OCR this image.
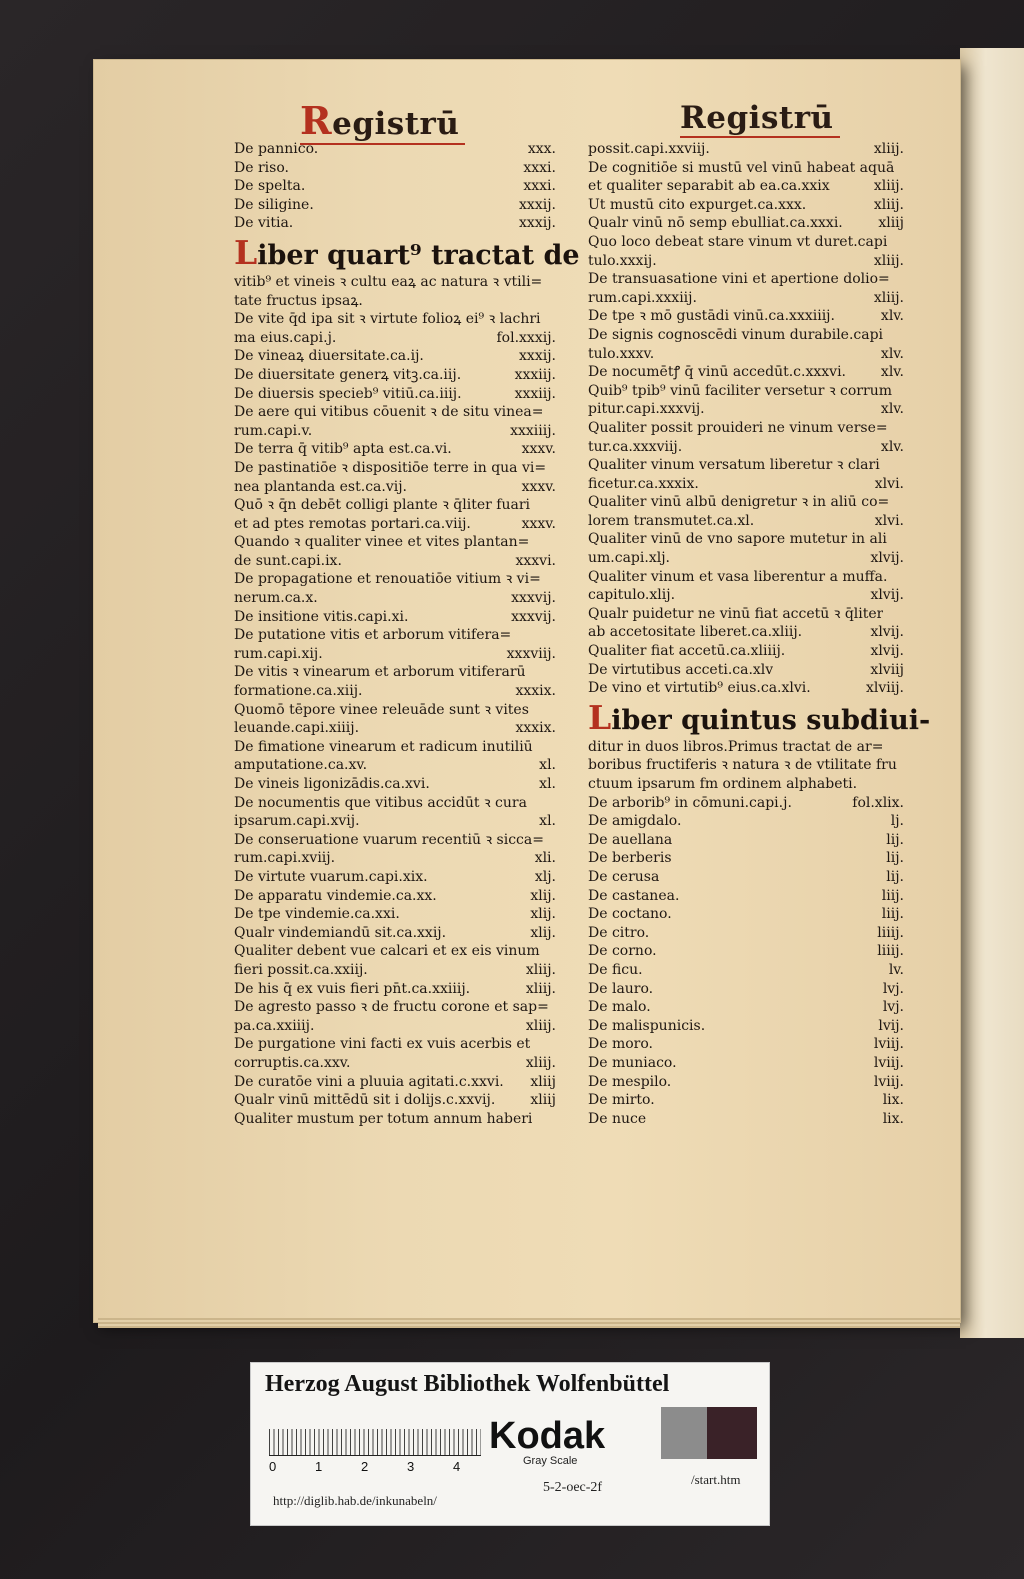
Registrū	Registrū
De pannico.	xxx.
De riso.	xxxi.
De spelta.	xxxi.
De siligine.	xxxij.
De vitia.	xxxij.
Liber quart⁹ tractat de
vitib⁹ et vineis ꝛ cultu eaꝝ ac natura ꝛ vtili=
tate fructus ipsaꝝ.
De vite q̄d ipa sit ꝛ virtute folioꝝ ei⁹ ꝛ lachri
ma eius.capi.j.	fol.xxxij.
De vineaꝝ diuersitate.ca.ij.	xxxij.
De diuersitate generꝝ vitꝫ.ca.iij.	xxxiij.
De diuersis specieb⁹ vitiū.ca.iiij.	xxxiij.
De aere qui vitibus cōuenit ꝛ de situ vinea=
rum.capi.v.	xxxiiij.
De terra q̄ vitib⁹ apta est.ca.vi.	xxxv.
De pastinatiōe ꝛ dispositiōe terre in qua vi=
nea plantanda est.ca.vij.	xxxv.
Quō ꝛ q̄n debēt colligi plante ꝛ q̄liter fuari
et ad ptes remotas portari.ca.viij.	xxxv.
Quando ꝛ qualiter vinee et vites plantan=
de sunt.capi.ix.	xxxvi.
De propagatione et renouatiōe vitium ꝛ vi=
nerum.ca.x.	xxxvij.
De insitione vitis.capi.xi.	xxxvij.
De putatione vitis et arborum vitifera=
rum.capi.xij.	xxxviij.
De vitis ꝛ vinearum et arborum vitiferarū
formatione.ca.xiij.	xxxix.
Quomō tēpore vinee releuāde sunt ꝛ vites
leuande.capi.xiiij.	xxxix.
De fimatione vinearum et radicum inutiliū
amputatione.ca.xv.	xl.
De vineis ligonizādis.ca.xvi.	xl.
De nocumentis que vitibus accidūt ꝛ cura
ipsarum.capi.xvij.	xl.
De conseruatione vuarum recentiū ꝛ sicca=
rum.capi.xviij.	xli.
De virtute vuarum.capi.xix.	xlj.
De apparatu vindemie.ca.xx.	xlij.
De tpe vindemie.ca.xxi.	xlij.
Qualr vindemiandū sit.ca.xxij.	xlij.
Qualiter debent vue calcari et ex eis vinum
fieri possit.ca.xxiij.	xliij.
De his q̄ ex vuis fieri pn̄t.ca.xxiiij.	xliij.
De agresto passo ꝛ de fructu corone et sap=
pa.ca.xxiiij.	xliij.
De purgatione vini facti ex vuis acerbis et
corruptis.ca.xxv.	xliij.
De curatōe vini a pluuia agitati.c.xxvi.	xliij
Qualr vinū mittēdū sit i dolijs.c.xxvij.	xliij
Qualiter mustum per totum annum haberi
possit.capi.xxviij.	xliij.
De cognitiōe si mustū vel vinū habeat aquā
et qualiter separabit ab ea.ca.xxix	xliij.
Ut mustū cito expurget.ca.xxx.	xliij.
Qualr vinū nō semp ebulliat.ca.xxxi.	xliij
Quo loco debeat stare vinum vt duret.capi
tulo.xxxij.	xliij.
De transuasatione vini et apertione dolio=
rum.capi.xxxiij.	xliij.
De tpe ꝛ mō gustādi vinū.ca.xxxiiij.	xlv.
De signis cognoscēdi vinum durabile.capi
tulo.xxxv.	xlv.
De nocumētꝭ q̄ vinū accedūt.c.xxxvi.	xlv.
Quib⁹ tpib⁹ vinū faciliter versetur ꝛ corrum
pitur.capi.xxxvij.	xlv.
Qualiter possit prouideri ne vinum verse=
tur.ca.xxxviij.	xlv.
Qualiter vinum versatum liberetur ꝛ clari
ficetur.ca.xxxix.	xlvi.
Qualiter vinū albū denigretur ꝛ in aliū co=
lorem transmutet.ca.xl.	xlvi.
Qualiter vinū de vno sapore mutetur in ali
um.capi.xlj.	xlvij.
Qualiter vinum et vasa liberentur a muffa.
capitulo.xlij.	xlvij.
Qualr puidetur ne vinū fiat accetū ꝛ q̄liter
ab accetositate liberet.ca.xliij.	xlvij.
Qualiter fiat accetū.ca.xliiij.	xlvij.
De virtutibus acceti.ca.xlv	xlviij
De vino et virtutib⁹ eius.ca.xlvi.	xlviij.
Liber quintus subdiui-
ditur in duos libros.Primus tractat de ar=
boribus fructiferis ꝛ natura ꝛ de vtilitate fru
ctuum ipsarum fm ordinem alphabeti.
De arborib⁹ in cōmuni.capi.j.	fol.xlix.
De amigdalo.	lj.
De auellana	lij.
De berberis	lij.
De cerusa	lij.
De castanea.	liij.
De coctano.	liij.
De citro.	liiij.
De corno.	liiij.
De ficu.	lv.
De lauro.	lvj.
De malo.	lvj.
De malispunicis.	lvij.
De moro.	lviij.
De muniaco.	lviij.
De mespilo.	lviij.
De mirto.	lix.
De nuce	lix.
Herzog August Bibliothek Wolfenbüttel
0	1	2	3	4
Kodak
Gray Scale
http://diglib.hab.de/inkunabeln/
5-2-oec-2f
/start.htm
